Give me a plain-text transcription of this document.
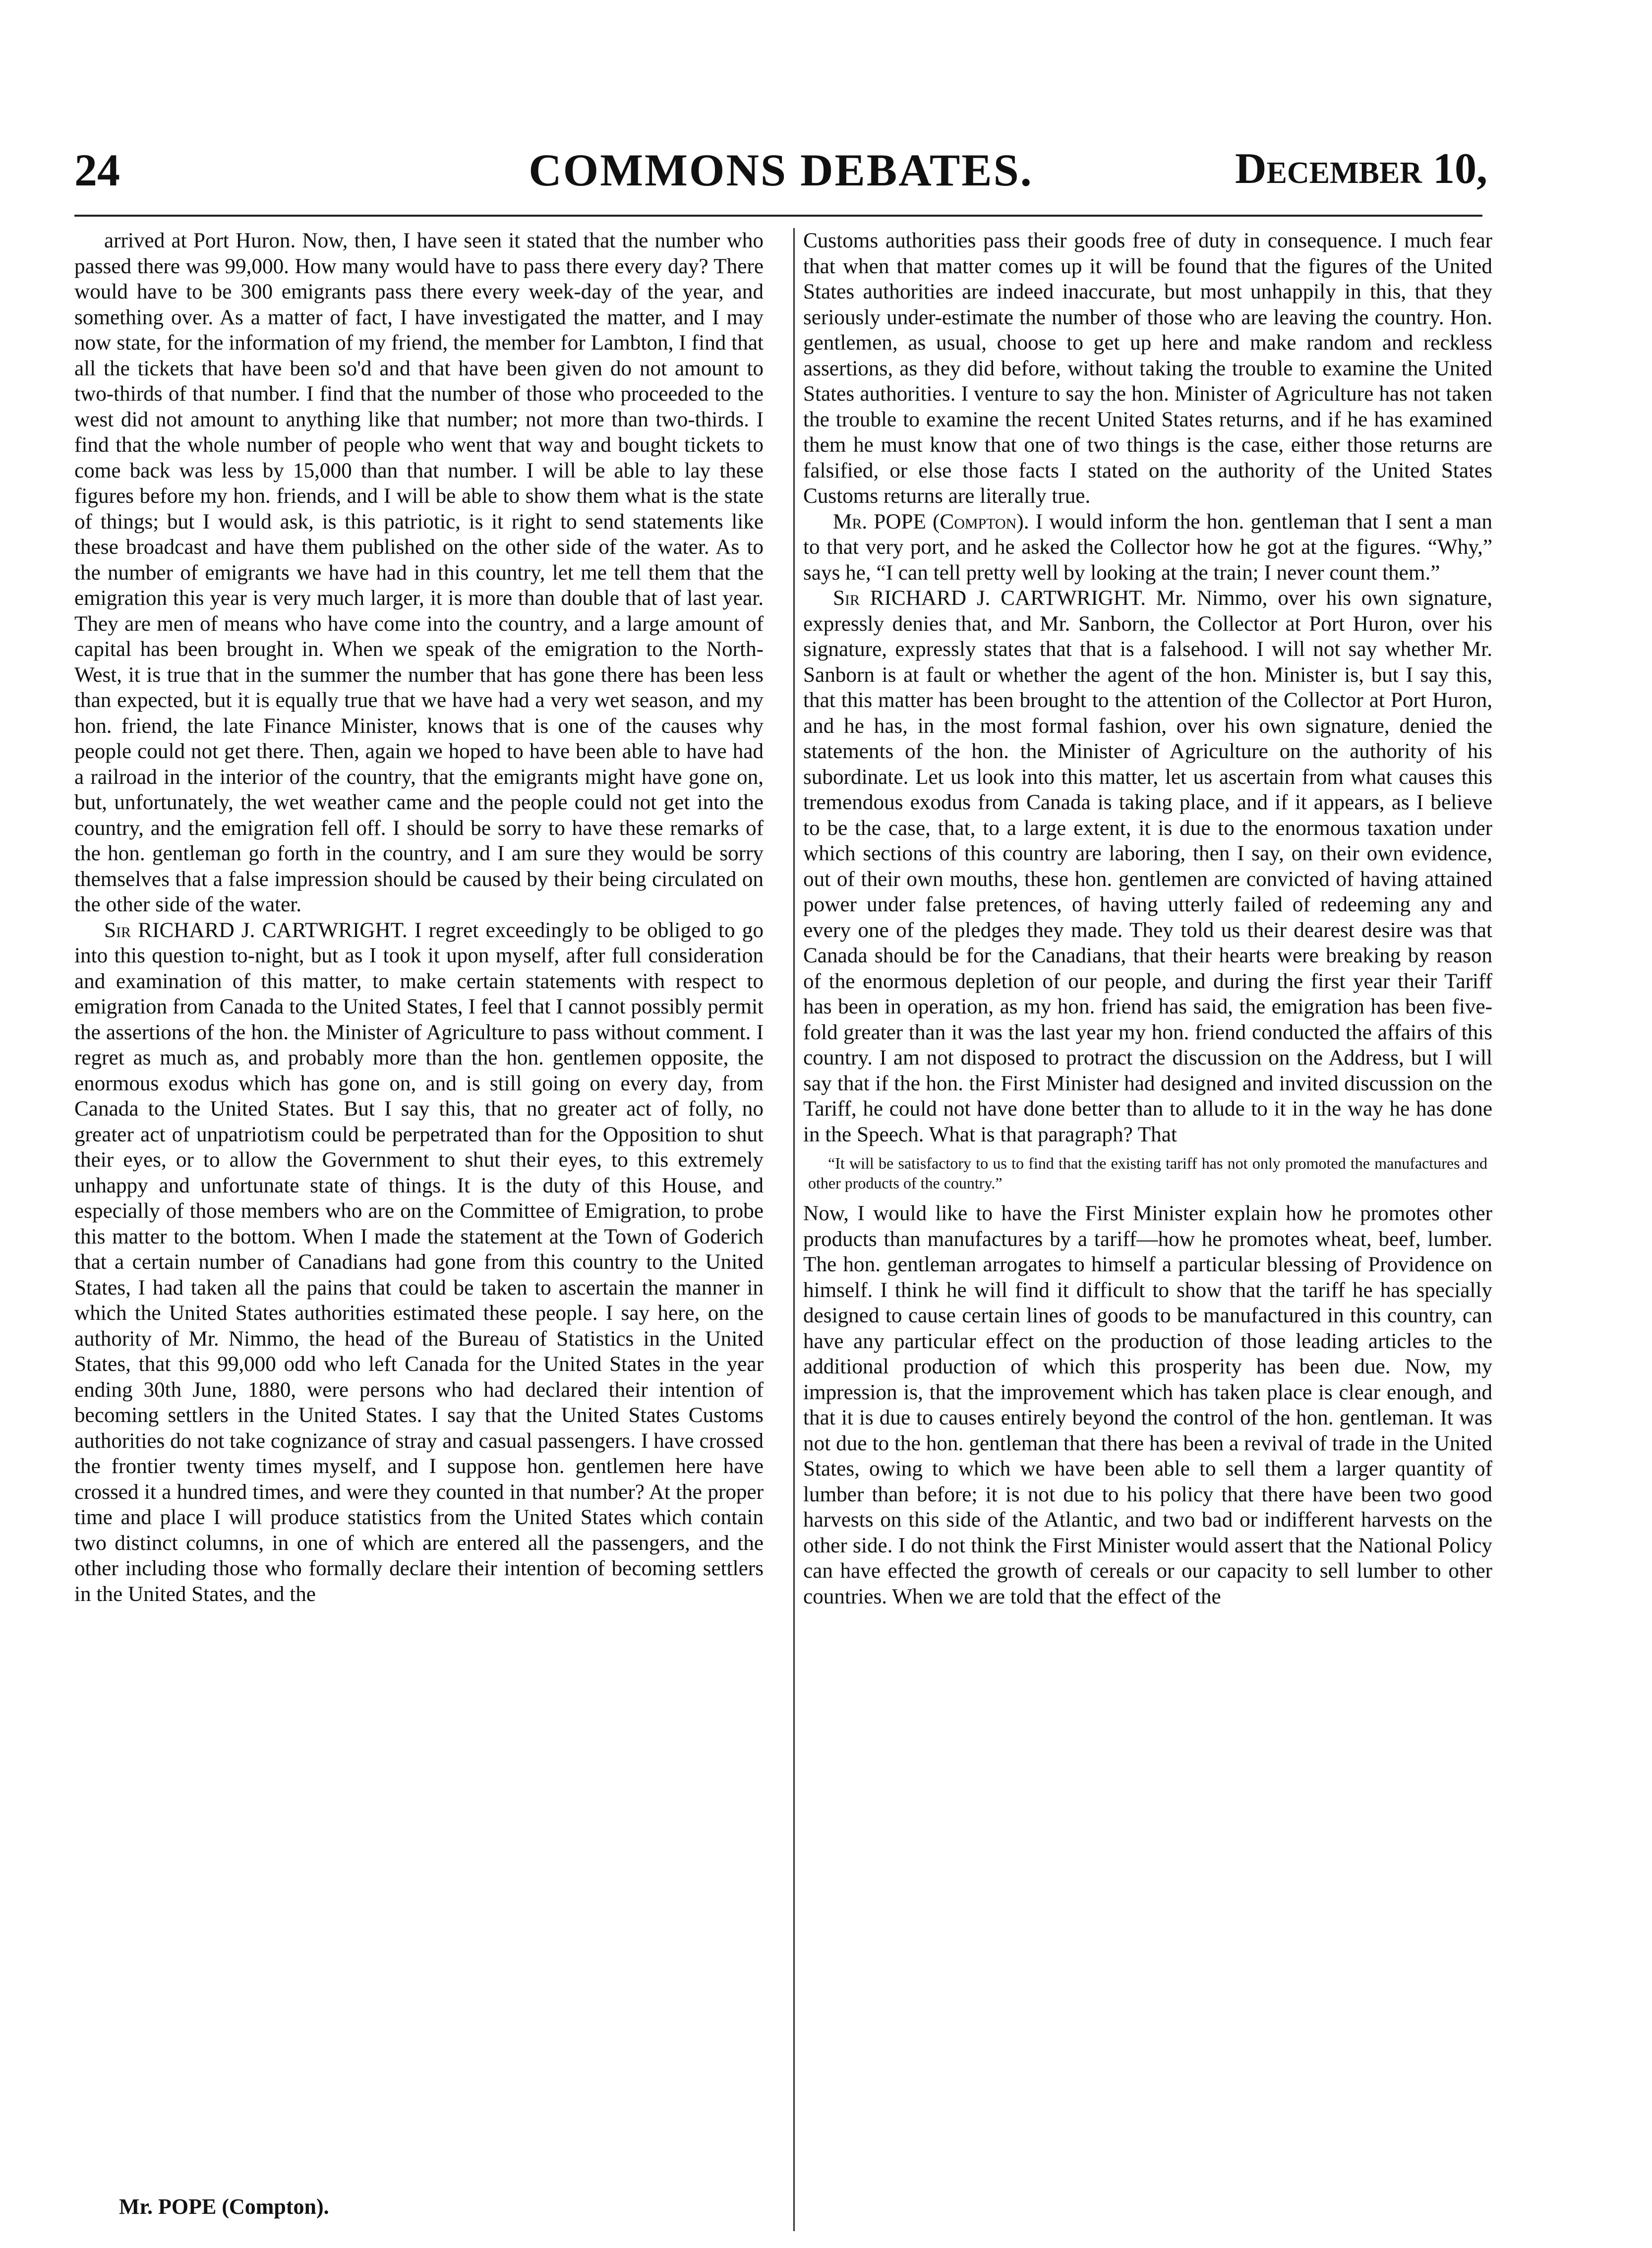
24	COMMONS DEBATES.	December 10,

arrived at Port Huron. Now, then, I have seen it stated that the number who passed there was 99,000. How many would have to pass there every day? There would have to be 300 emigrants pass there every week-day of the year, and something over. As a matter of fact, I have investigated the matter, and I may now state, for the information of my friend, the member for Lambton, I find that all the tickets that have been so'd and that have been given do not amount to two-thirds of that number. I find that the number of those who proceeded to the west did not amount to anything like that number; not more than two-thirds. I find that the whole number of people who went that way and bought tickets to come back was less by 15,000 than that number. I will be able to lay these figures before my hon. friends, and I will be able to show them what is the state of things; but I would ask, is this patriotic, is it right to send statements like these broadcast and have them published on the other side of the water. As to the number of emigrants we have had in this country, let me tell them that the emigration this year is very much larger, it is more than double that of last year. They are men of means who have come into the country, and a large amount of capital has been brought in. When we speak of the emigration to the North-West, it is true that in the summer the number that has gone there has been less than expected, but it is equally true that we have had a very wet season, and my hon. friend, the late Finance Minister, knows that is one of the causes why people could not get there. Then, again we hoped to have been able to have had a railroad in the interior of the country, that the emigrants might have gone on, but, unfortunately, the wet weather came and the people could not get into the country, and the emigration fell off. I should be sorry to have these remarks of the hon. gentleman go forth in the country, and I am sure they would be sorry themselves that a false impression should be caused by their being circulated on the other side of the water.

Sir RICHARD J. CARTWRIGHT. I regret exceedingly to be obliged to go into this question to-night, but as I took it upon myself, after full consideration and examination of this matter, to make certain statements with respect to emigration from Canada to the United States, I feel that I cannot possibly permit the assertions of the hon. the Minister of Agriculture to pass without comment. I regret as much as, and probably more than the hon. gentlemen opposite, the enormous exodus which has gone on, and is still going on every day, from Canada to the United States. But I say this, that no greater act of folly, no greater act of unpatriotism could be perpetrated than for the Opposition to shut their eyes, or to allow the Government to shut their eyes, to this extremely unhappy and unfortunate state of things. It is the duty of this House, and especially of those members who are on the Committee of Emigration, to probe this matter to the bottom. When I made the statement at the Town of Goderich that a certain number of Canadians had gone from this country to the United States, I had taken all the pains that could be taken to ascertain the manner in which the United States authorities estimated these people. I say here, on the authority of Mr. Nimmo, the head of the Bureau of Statistics in the United States, that this 99,000 odd who left Canada for the United States in the year ending 30th June, 1880, were persons who had declared their intention of becoming settlers in the United States. I say that the United States Customs authorities do not take cognizance of stray and casual passengers. I have crossed the frontier twenty times myself, and I suppose hon. gentlemen here have crossed it a hundred times, and were they counted in that number? At the proper time and place I will produce statistics from the United States which contain two distinct columns, in one of which are entered all the passengers, and the other including those who formally declare their intention of becoming settlers in the United States, and the

Customs authorities pass their goods free of duty in consequence. I much fear that when that matter comes up it will be found that the figures of the United States authorities are indeed inaccurate, but most unhappily in this, that they seriously under-estimate the number of those who are leaving the country. Hon. gentlemen, as usual, choose to get up here and make random and reckless assertions, as they did before, without taking the trouble to examine the United States authorities. I venture to say the hon. Minister of Agriculture has not taken the trouble to examine the recent United States returns, and if he has examined them he must know that one of two things is the case, either those returns are falsified, or else those facts I stated on the authority of the United States Customs returns are literally true.

Mr. POPE (Compton). I would inform the hon. gentleman that I sent a man to that very port, and he asked the Collector how he got at the figures. “Why,” says he, “I can tell pretty well by looking at the train; I never count them.”

Sir RICHARD J. CARTWRIGHT. Mr. Nimmo, over his own signature, expressly denies that, and Mr. Sanborn, the Collector at Port Huron, over his signature, expressly states that that is a falsehood. I will not say whether Mr. Sanborn is at fault or whether the agent of the hon. Minister is, but I say this, that this matter has been brought to the attention of the Collector at Port Huron, and he has, in the most formal fashion, over his own signature, denied the statements of the hon. the Minister of Agriculture on the authority of his subordinate. Let us look into this matter, let us ascertain from what causes this tremendous exodus from Canada is taking place, and if it appears, as I believe to be the case, that, to a large extent, it is due to the enormous taxation under which sections of this country are laboring, then I say, on their own evidence, out of their own mouths, these hon. gentlemen are convicted of having attained power under false pretences, of having utterly failed of redeeming any and every one of the pledges they made. They told us their dearest desire was that Canada should be for the Canadians, that their hearts were breaking by reason of the enormous depletion of our people, and during the first year their Tariff has been in operation, as my hon. friend has said, the emigration has been five-fold greater than it was the last year my hon. friend conducted the affairs of this country. I am not disposed to protract the discussion on the Address, but I will say that if the hon. the First Minister had designed and invited discussion on the Tariff, he could not have done better than to allude to it in the way he has done in the Speech. What is that paragraph? That

“It will be satisfactory to us to find that the existing tariff has not only promoted the manufactures and other products of the country.”

Now, I would like to have the First Minister explain how he promotes other products than manufactures by a tariff—how he promotes wheat, beef, lumber. The hon. gentleman arrogates to himself a particular blessing of Providence on himself. I think he will find it difficult to show that the tariff he has specially designed to cause certain lines of goods to be manufactured in this country, can have any particular effect on the production of those leading articles to the additional production of which this prosperity has been due. Now, my impression is, that the improvement which has taken place is clear enough, and that it is due to causes entirely beyond the control of the hon. gentleman. It was not due to the hon. gentleman that there has been a revival of trade in the United States, owing to which we have been able to sell them a larger quantity of lumber than before; it is not due to his policy that there have been two good harvests on this side of the Atlantic, and two bad or indifferent harvests on the other side. I do not think the First Minister would assert that the National Policy can have effected the growth of cereals or our capacity to sell lumber to other countries. When we are told that the effect of the

Mr. POPE (Compton).
